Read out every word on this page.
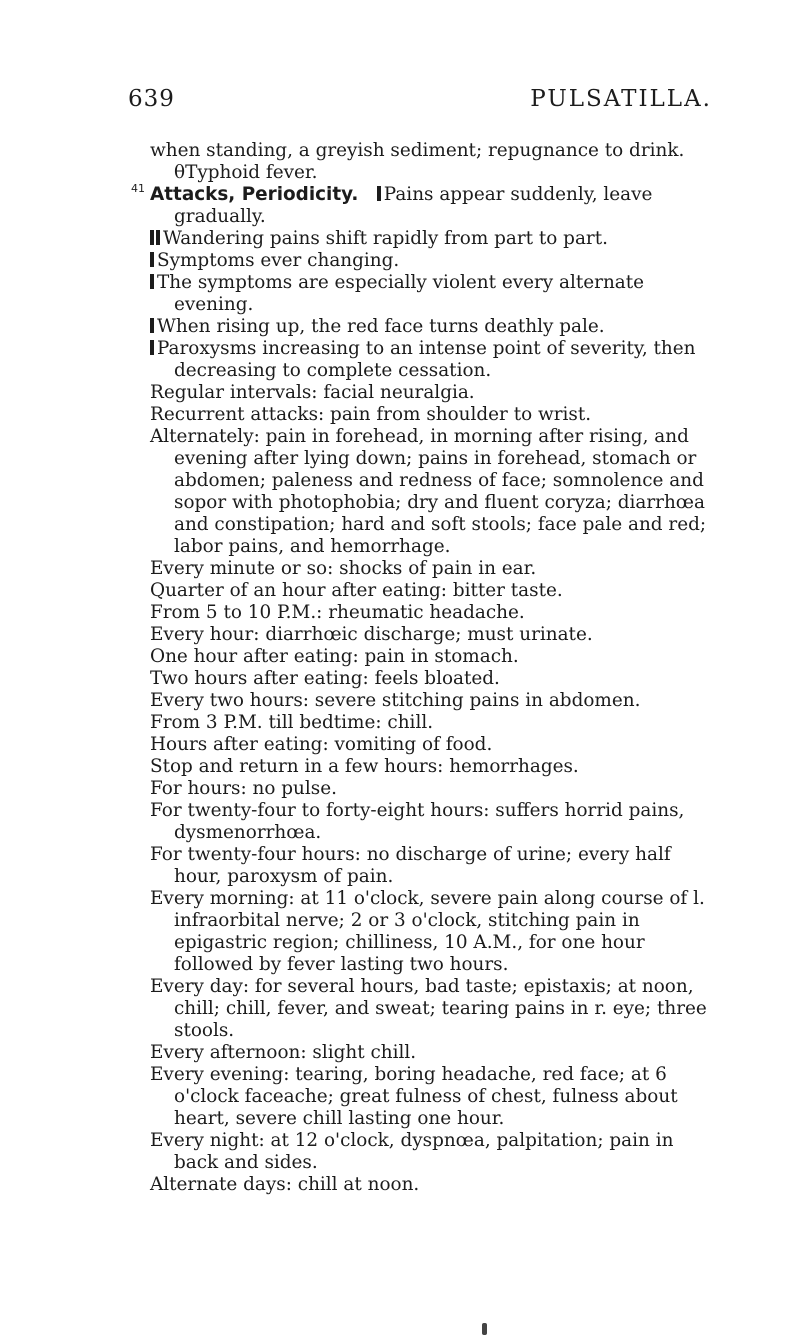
639	PULSATILLA.
when standing, a greyish sediment; repugnance to drink. θTyphoid fever.
Attacks, Periodicity.  Pains appear suddenly, leave gradually.
Wandering pains shift rapidly from part to part.
Symptoms ever changing.
The symptoms are especially violent every alternate evening.
When rising up, the red face turns deathly pale.
Paroxysms increasing to an intense point of severity, then decreasing to complete cessation.
Regular intervals: facial neuralgia.
Recurrent attacks: pain from shoulder to wrist.
Alternately: pain in forehead, in morning after rising, and evening after lying down; pains in forehead, stomach or abdomen; paleness and redness of face; somnolence and sopor with photophobia; dry and fluent coryza; diarrhœa and constipation; hard and soft stools; face pale and red; labor pains, and hemorrhage.
Every minute or so: shocks of pain in ear.
Quarter of an hour after eating: bitter taste.
From 5 to 10 P.M.: rheumatic headache.
Every hour: diarrhœic discharge; must urinate.
One hour after eating: pain in stomach.
Two hours after eating: feels bloated.
Every two hours: severe stitching pains in abdomen.
From 3 P.M. till bedtime: chill.
Hours after eating: vomiting of food.
Stop and return in a few hours: hemorrhages.
For hours: no pulse.
For twenty-four to forty-eight hours: suffers horrid pains, dysmenorrhœa.
For twenty-four hours: no discharge of urine; every half hour, paroxysm of pain.
Every morning: at 11 o'clock, severe pain along course of l. infraorbital nerve; 2 or 3 o'clock, stitching pain in epigastric region; chilliness, 10 A.M., for one hour followed by fever lasting two hours.
Every day: for several hours, bad taste; epistaxis; at noon, chill; chill, fever, and sweat; tearing pains in r. eye; three stools.
Every afternoon: slight chill.
Every evening: tearing, boring headache, red face; at 6 o'clock faceache; great fulness of chest, fulness about heart, severe chill lasting one hour.
Every night: at 12 o'clock, dyspnœa, palpitation; pain in back and sides.
Alternate days: chill at noon.
41
